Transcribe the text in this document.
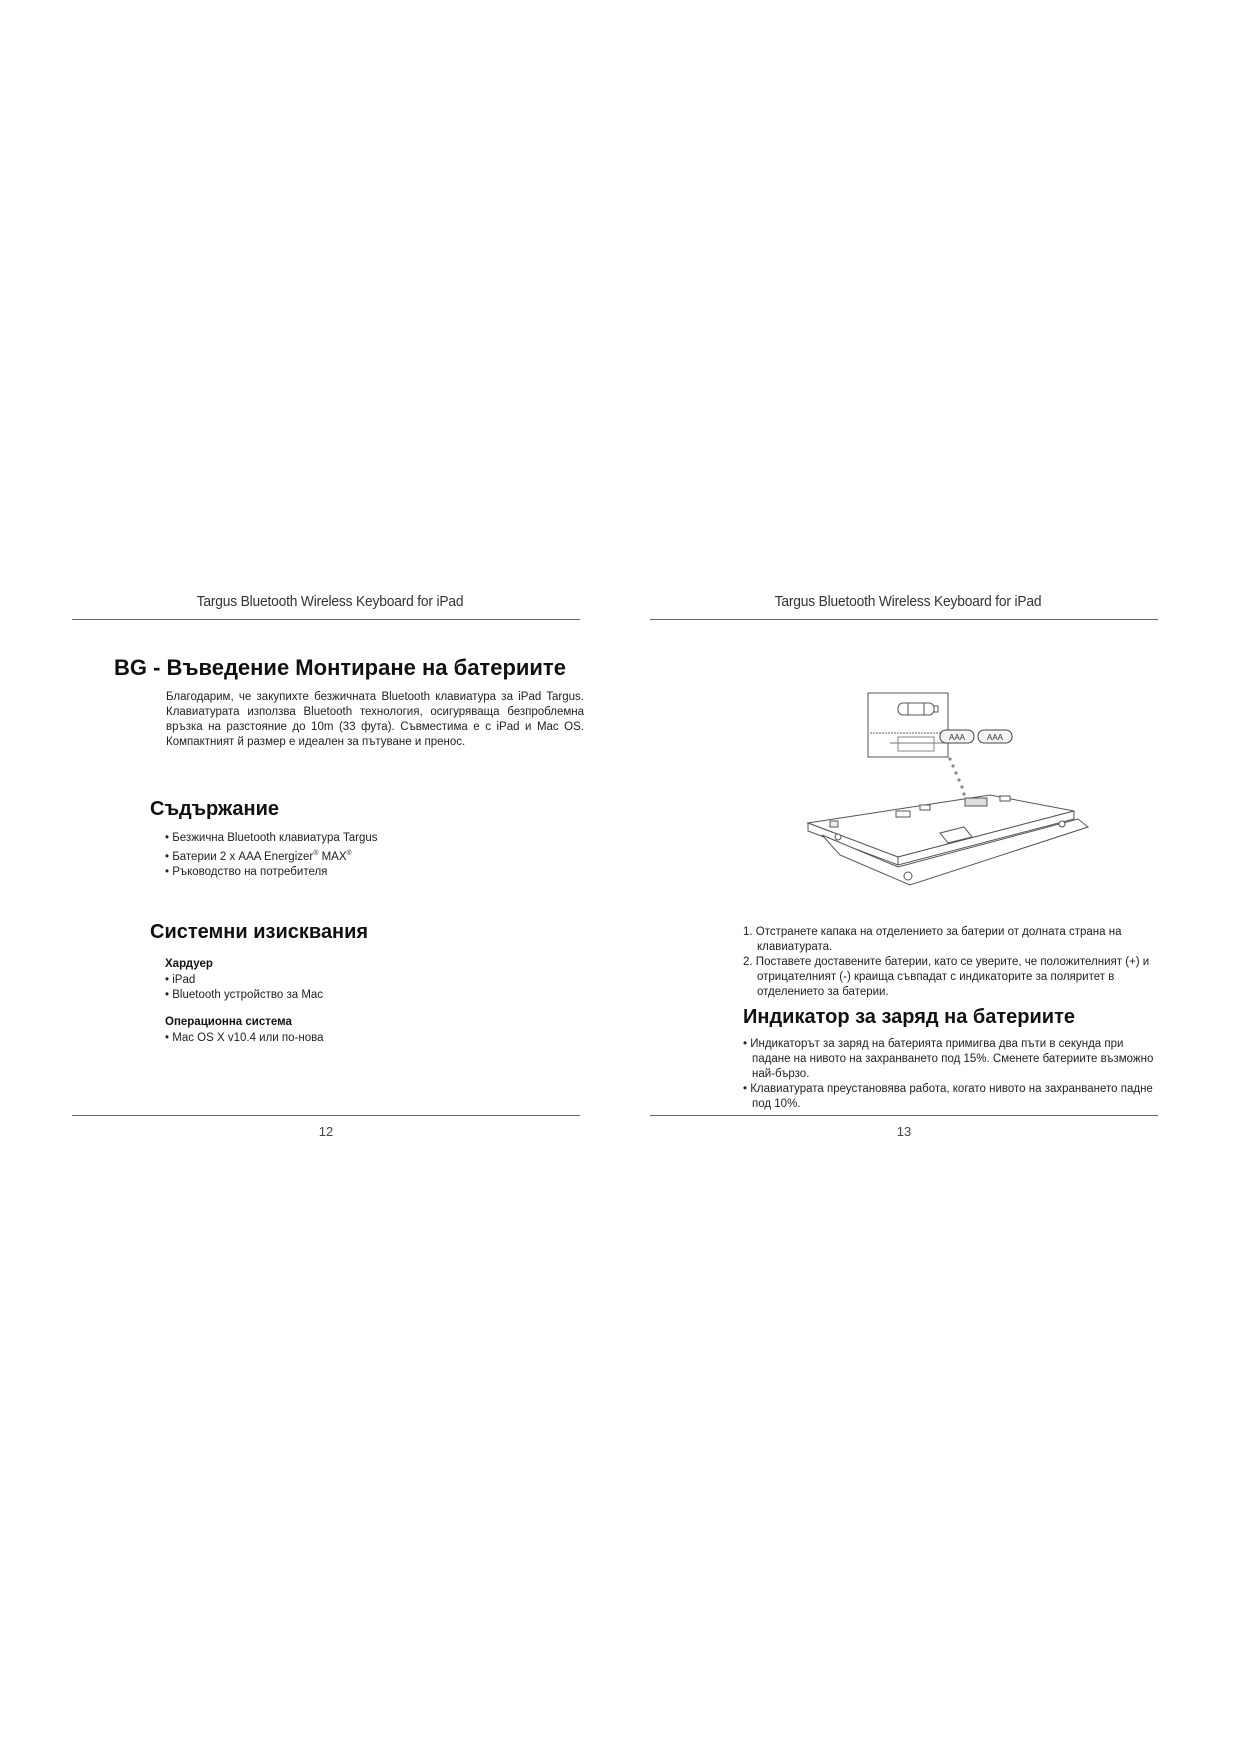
Targus Bluetooth Wireless Keyboard for iPad
BG - Въведение Монтиране на батериите
Благодарим, че закупихте безжичната Bluetooth клавиатура за iPad Targus. Клавиатурата използва Bluetooth технология, осигуряваща безпроблемна връзка на разстояние до 10m (33 фута). Съвместима е с iPad и Mac OS. Компактният й размер е идеален за пътуване и пренос.
Съдържание
• Безжична Bluetooth клавиатура Targus
• Батерии 2 х AAA Energizer® MAX®
• Ръководство на потребителя
Системни изисквания
Хардуер
• iPad
• Bluetooth устройство за Mac
Операционна система
• Mac OS X v10.4 или по-нова
12
Targus Bluetooth Wireless Keyboard for iPad
AAA	AAA
1. Отстранете капака на отделението за батерии от долната страна на клавиатурата.
2. Поставете доставените батерии, като се уверите, че положителният (+) и отрицателният (-) краища съвпадат с индикаторите за поляритет в отделението за батерии.
Индикатор за заряд на батериите
• Индикаторът за заряд на батерията примигва два пъти в секунда при падане на нивото на захранването под 15%. Сменете батериите възможно най-бързо.
• Клавиатурата преустановява работа, когато нивото на захранването падне под 10%.
13
